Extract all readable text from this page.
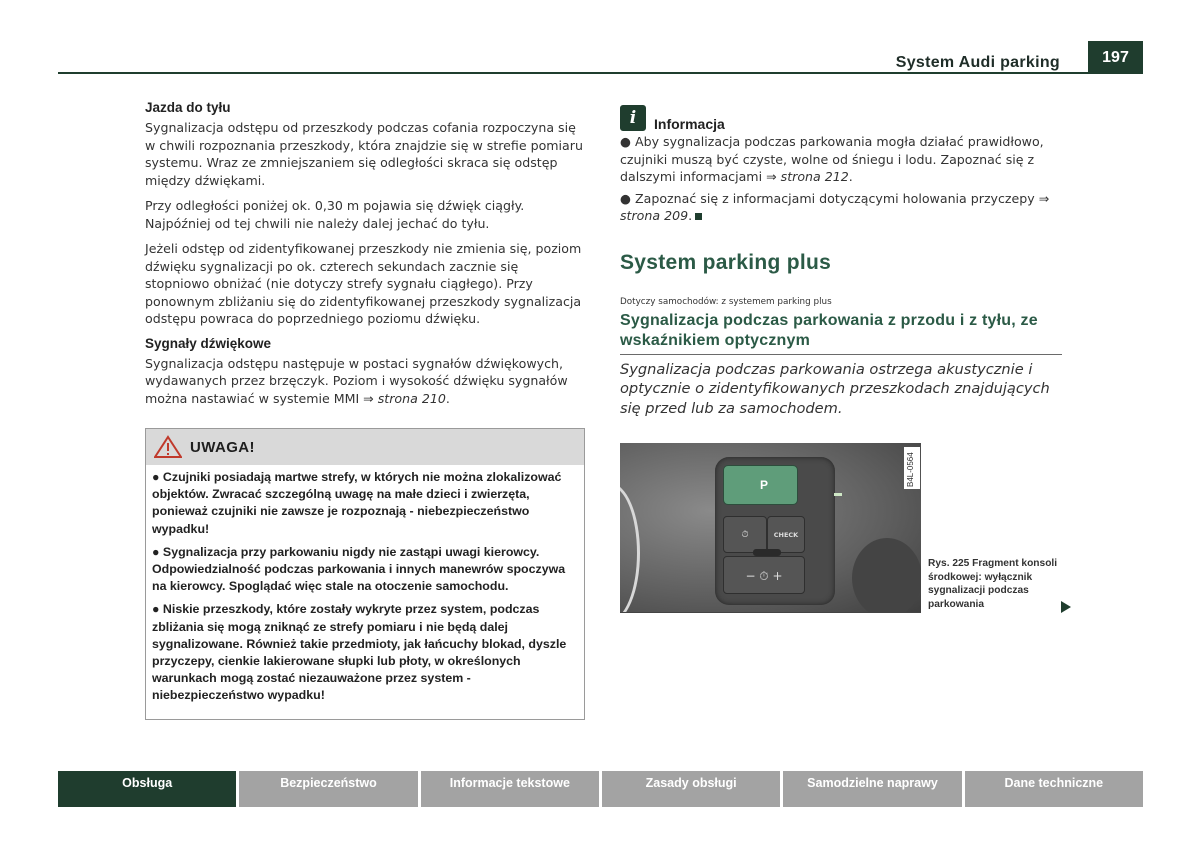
System Audi parking	197
Jazda do tyłu

Sygnalizacja odstępu od przeszkody podczas cofania rozpoczyna się w chwili rozpoznania przeszkody, która znajdzie się w strefie pomiaru systemu. Wraz ze zmniejszaniem się odległości skraca się odstęp między dźwiękami.

Przy odległości poniżej ok. 0,30 m pojawia się dźwięk ciągły. Najpóźniej od tej chwili nie należy dalej jechać do tyłu.

Jeżeli odstęp od zidentyfikowanej przeszkody nie zmienia się, poziom dźwięku sygnalizacji po ok. czterech sekundach zacznie się stopniowo obniżać (nie dotyczy strefy sygnału ciągłego). Przy ponownym zbliżaniu się do zidentyfikowanej przeszkody sygnalizacja odstępu powraca do poprzedniego poziomu dźwięku.

Sygnały dźwiękowe

Sygnalizacja odstępu następuje w postaci sygnałów dźwiękowych, wydawanych przez brzęczyk. Poziom i wysokość dźwięku sygnałów można nastawiać w systemie MMI ⇒ strona 210.

UWAGA!

● Czujniki posiadają martwe strefy, w których nie można zlokalizować objektów. Zwracać szczególną uwagę na małe dzieci i zwierzęta, ponieważ czujniki nie zawsze je rozpoznają - niebezpieczeństwo wypadku!

● Sygnalizacja przy parkowaniu nigdy nie zastąpi uwagi kierowcy. Odpowiedzialność podczas parkowania i innych manewrów spoczywa na kierowcy. Spoglądać więc stale na otoczenie samochodu.

● Niskie przeszkody, które zostały wykryte przez system, podczas zbliżania się mogą zniknąć ze strefy pomiaru i nie będą dalej sygnalizowane. Również takie przedmioty, jak łańcuchy blokad, dyszle przyczepy, cienkie lakierowane słupki lub płoty, w określonych warunkach mogą zostać niezauważone przez system - niebezpieczeństwo wypadku!

i Informacja

● Aby sygnalizacja podczas parkowania mogła działać prawidłowo, czujniki muszą być czyste, wolne od śniegu i lodu. Zapoznać się z dalszymi informacjami ⇒ strona 212.

● Zapoznać się z informacjami dotyczącymi holowania przyczepy ⇒ strona 209.

System parking plus
Dotyczy samochodów: z systemem parking plus
Sygnalizacja podczas parkowania z przodu i z tyłu, ze wskaźnikiem optycznym

Sygnalizacja podczas parkowania ostrzega akustycznie i optycznie o zidentyfikowanych przeszkodach znajdujących się przed lub za samochodem.

P
⏱	CHECK
− ⏱ +
B4L-0564
Rys. 225 Fragment konsoli środkowej: wyłącznik sygnalizacji podczas parkowania
Obsługa	Bezpieczeństwo	Informacje tekstowe	Zasady obsługi	Samodzielne naprawy	Dane techniczne
